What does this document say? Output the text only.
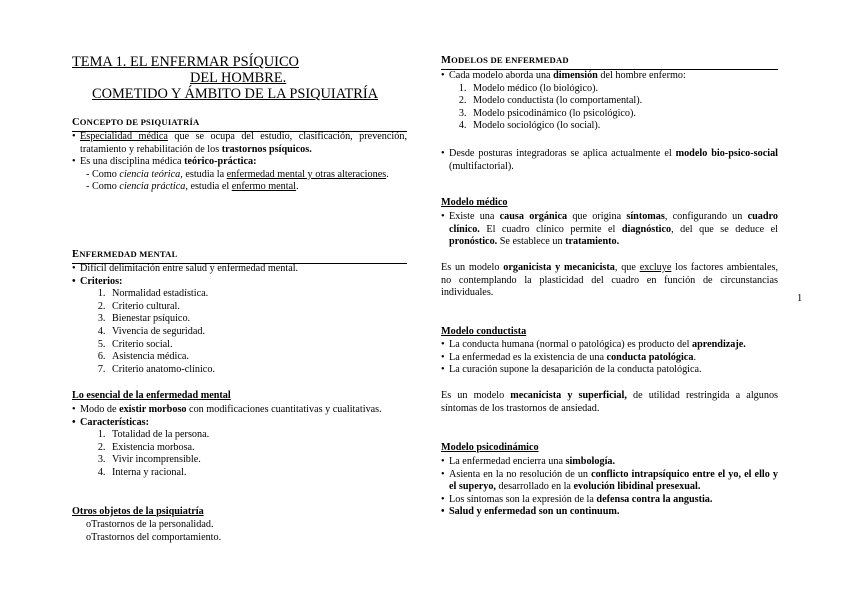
TEMA 1. EL ENFERMAR PSÍQUICO
DEL HOMBRE.
COMETIDO Y ÁMBITO DE LA PSIQUIATRÍA
CONCEPTO DE PSIQUIATRÍA

• Especialidad médica que se ocupa del estudio, clasificación, prevención, tratamiento y rehabilitación de los trastornos psíquicos.

• Es una disciplina médica teórico-práctica:

- Como ciencia teórica, estudia la enfermedad mental y otras alteraciones.

- Como ciencia práctica, estudia el enfermo mental.

ENFERMEDAD MENTAL

• Difícil delimitación entre salud y enfermedad mental.

• Criterios:

1. Normalidad estadística.
2. Criterio cultural.
3. Bienestar psíquico.
4. Vivencia de seguridad.
5. Criterio social.
6. Asistencia médica.
7. Criterio anatomo-clínico.
Lo esencial de la enfermedad mental

• Modo de existir morboso con modificaciones cuantitativas y cualitativas.

• Características:

1. Totalidad de la persona.
2. Existencia morbosa.
3. Vivir incomprensible.
4. Interna y racional.
Otros objetos de la psiquiatría

o Trastornos de la personalidad.

o Trastornos del comportamiento.

MODELOS DE ENFERMEDAD

• Cada modelo aborda una dimensión del hombre enfermo:

1. Modelo médico (lo biológico).
2. Modelo conductista (lo comportamental).
3. Modelo psicodinámico (lo psicológico).
4. Modelo sociológico (lo social).

• Desde posturas integradoras se aplica actualmente el modelo bio-psico-social (multifactorial).

Modelo médico

• Existe una causa orgánica que origina síntomas, configurando un cuadro clínico. El cuadro clínico permite el diagnóstico, del que se deduce el pronóstico. Se establece un tratamiento.

Es un modelo organicista y mecanicista, que excluye los factores ambientales, no contemplando la plasticidad del cuadro en función de circunstancias individuales.

Modelo conductista

• La conducta humana (normal o patológica) es producto del aprendizaje.

• La enfermedad es la existencia de una conducta patológica.

• La curación supone la desaparición de la conducta patológica.

Es un modelo mecanicista y superficial, de utilidad restringida a algunos síntomas de los trastornos de ansiedad.

Modelo psicodinámico

• La enfermedad encierra una simbología.

• Asienta en la no resolución de un conflicto intrapsíquico entre el yo, el ello y el superyo, desarrollado en la evolución libidinal presexual.

• Los síntomas son la expresión de la defensa contra la angustia.

• Salud y enfermedad son un continuum.

1
